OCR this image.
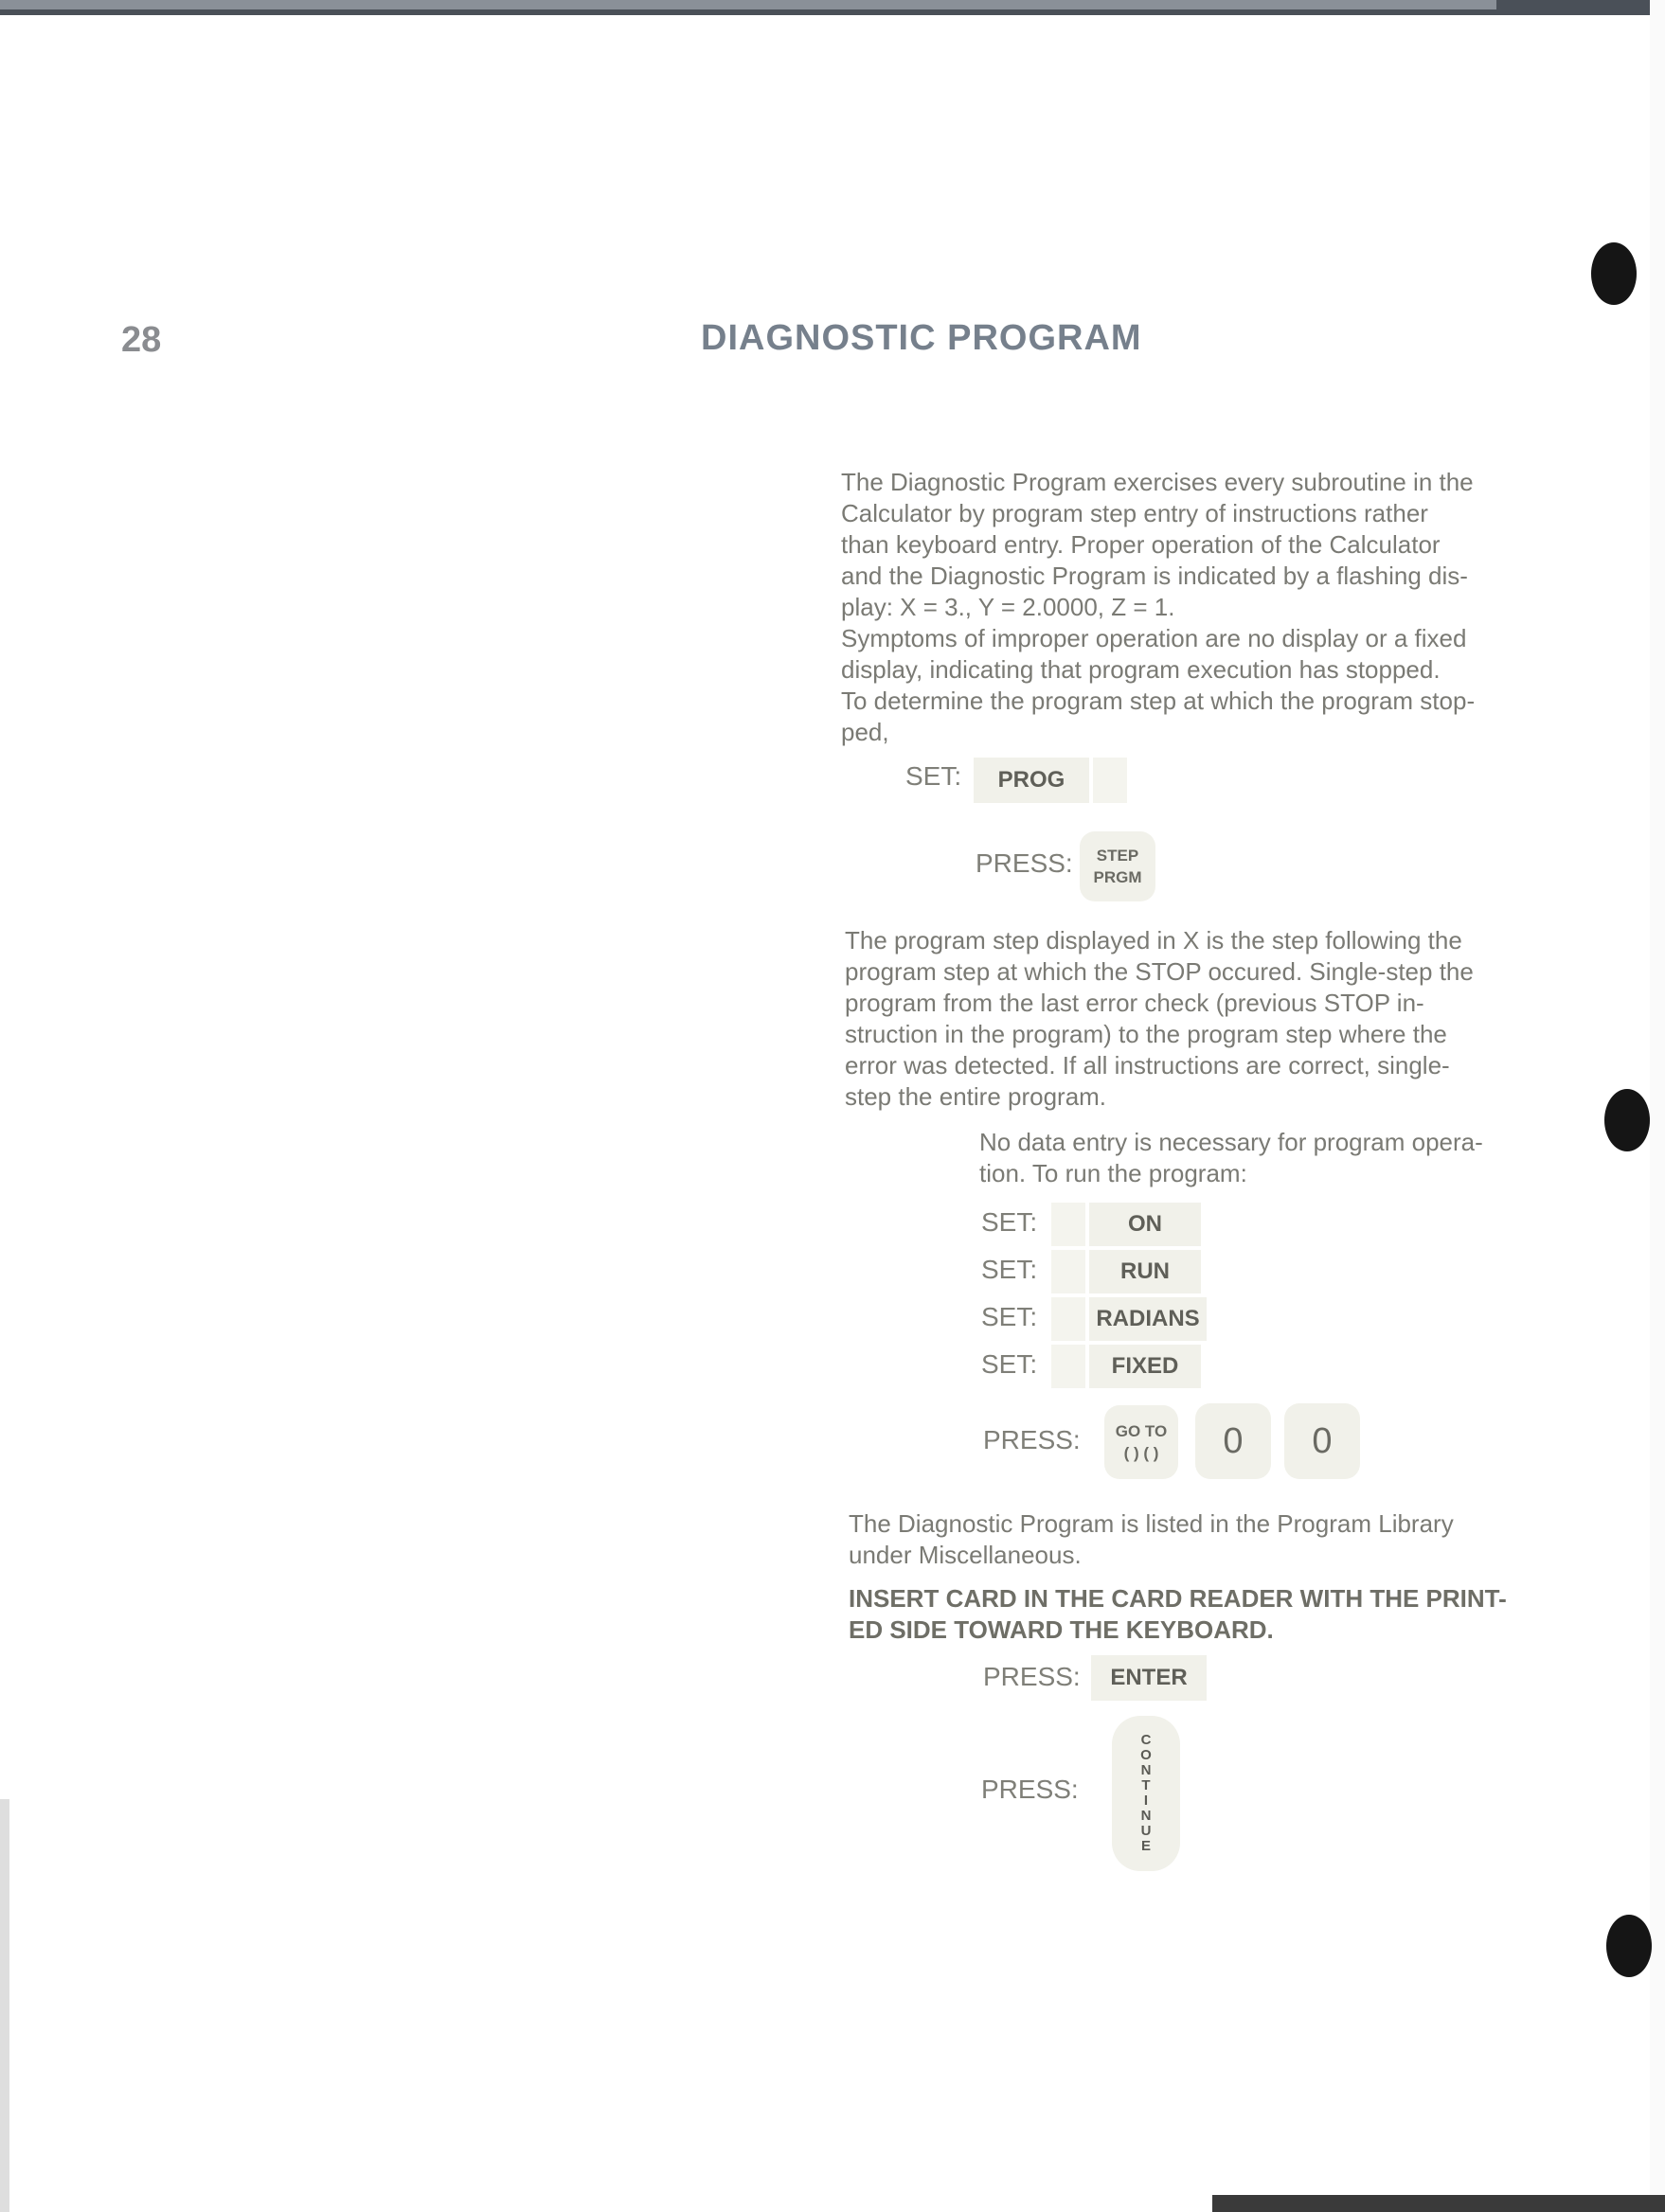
28	DIAGNOSTIC PROGRAM
The Diagnostic Program exercises every subroutine in the
Calculator by program step entry of instructions rather
than keyboard entry. Proper operation of the Calculator
and the Diagnostic Program is indicated by a flashing dis-
play: X = 3., Y = 2.0000, Z = 1.
Symptoms of improper operation are no display or a fixed
display, indicating that program execution has stopped.
To determine the program step at which the program stop-
ped,
SET:	PROG
PRESS: STEP
PRGM
The program step displayed in X is the step following the
program step at which the STOP occured. Single-step the
program from the last error check (previous STOP in-
struction in the program) to the program step where the
error was detected. If all instructions are correct, single-
step the entire program.
No data entry is necessary for program opera-
tion. To run the program:
SET:	ON
SET:	RUN
SET:	RADIANS
SET:	FIXED
PRESS: GO TO
( ) ( ) 0 0
The Diagnostic Program is listed in the Program Library
under Miscellaneous.
INSERT CARD IN THE CARD READER WITH THE PRINT-
ED SIDE TOWARD THE KEYBOARD.
PRESS:	ENTER
PRESS:
C
O
N
T
I
N
U
E
